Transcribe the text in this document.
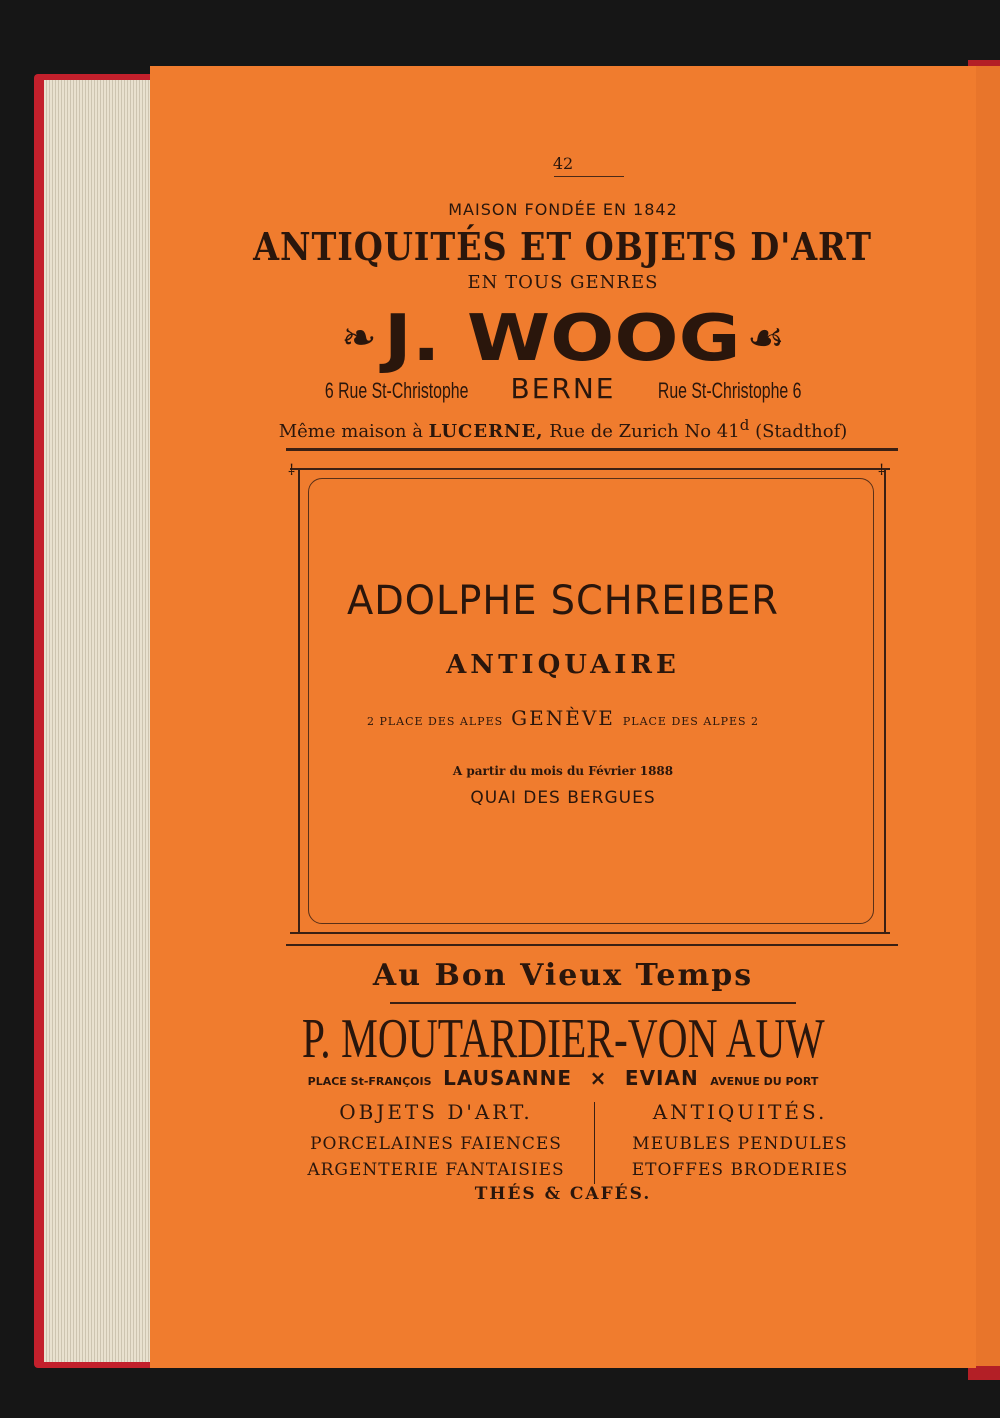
42
MAISON FONDÉE EN 1842
ANTIQUITÉS ET OBJETS D'ART
EN TOUS GENRES
❧ J. WOOG ☙
6 Rue St-Christophe BERNE Rue St-Christophe 6
Même maison à LUCERNE, Rue de Zurich No 41$^d$ (Stadthof)
ADOLPHE SCHREIBER
ANTIQUAIRE
2 PLACE DES ALPES GENÈVE PLACE DES ALPES 2
A partir du mois du Février 1888
QUAI DES BERGUES
⸸	⸸
Au Bon Vieux Temps
P. MOUTARDIER-VON AUW
PLACE St-FRANÇOIS LAUSANNE × EVIAN AVENUE DU PORT
OBJETS D'ART.
PORCELAINES FAIENCES
ARGENTERIE FANTAISIES
ANTIQUITÉS.
MEUBLES PENDULES
ETOFFES BRODERIES
THÉS & CAFÉS.
